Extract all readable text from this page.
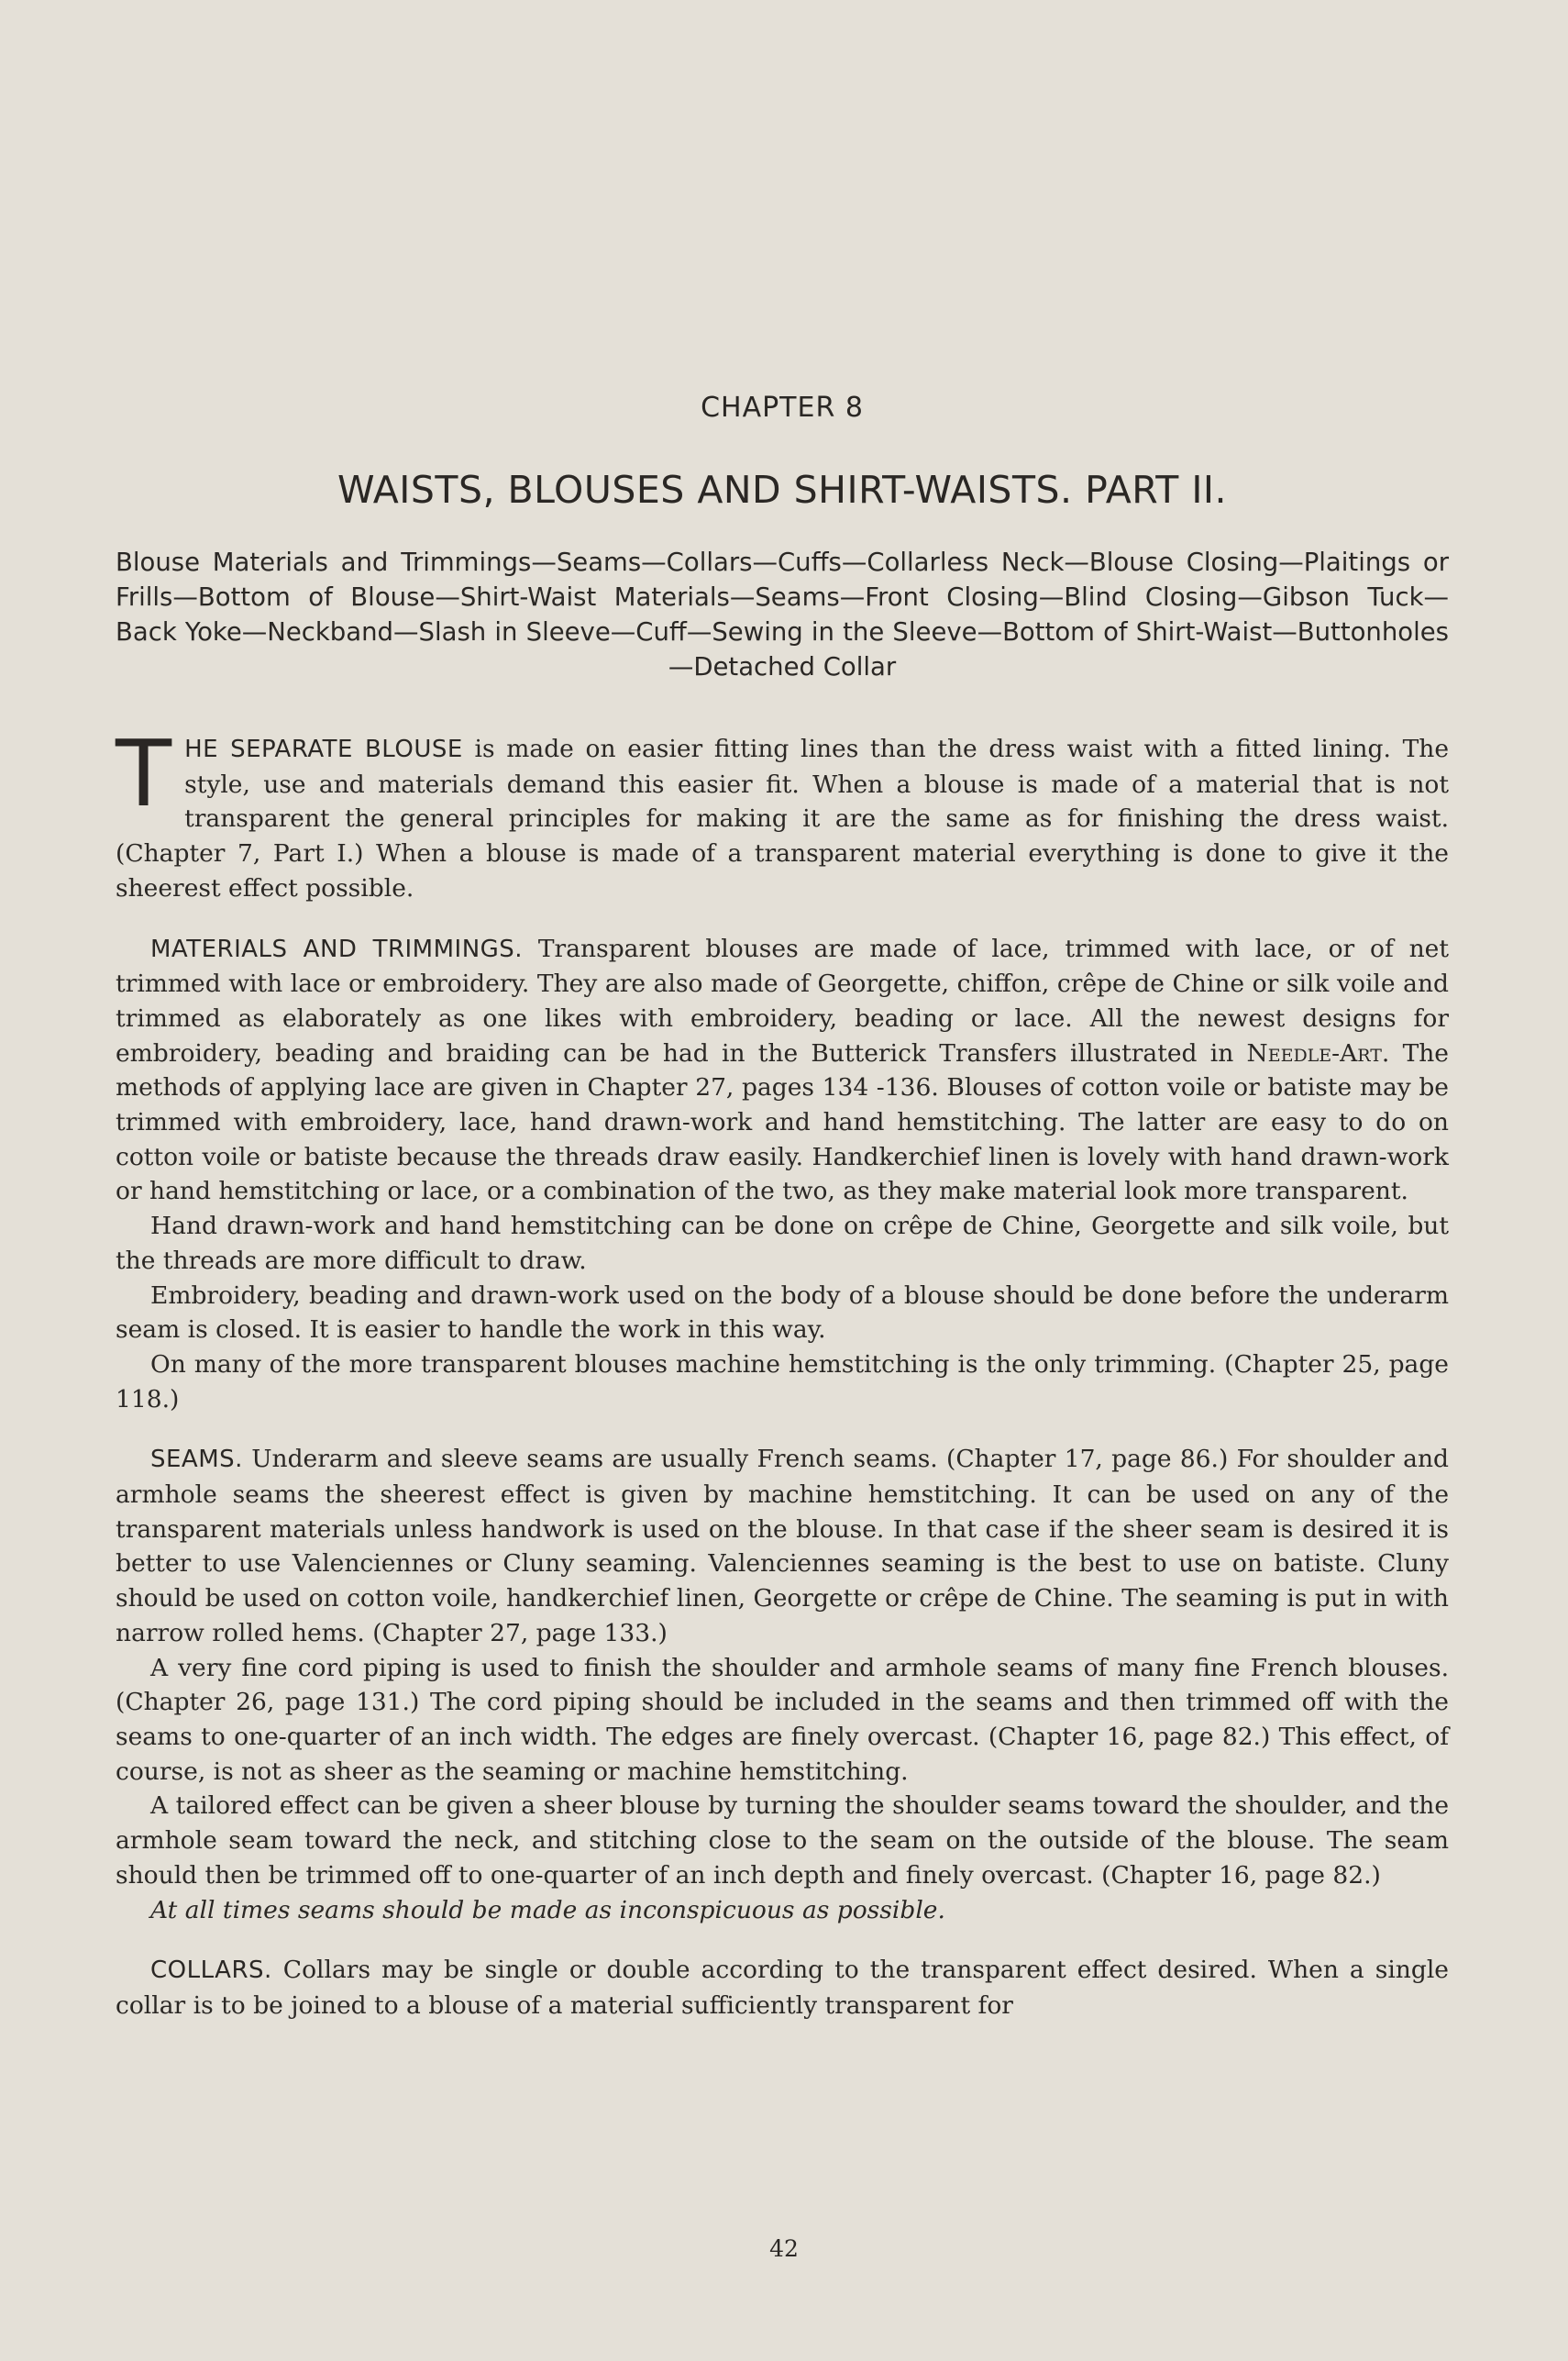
CHAPTER 8

WAISTS, BLOUSES AND SHIRT-WAISTS. PART II.

Blouse Materials and Trimmings—Seams—Collars—Cuffs—Collarless Neck—Blouse Closing—Plaitings or Frills—Bottom of Blouse—Shirt-Waist Materials—Seams—Front Closing—Blind Closing—Gibson Tuck—Back Yoke—Neckband—Slash in Sleeve—Cuff—Sewing in the Sleeve—Bottom of Shirt-Waist—Buttonholes—Detached Collar

THE SEPARATE BLOUSE is made on easier fitting lines than the dress waist with a fitted lining. The style, use and materials demand this easier fit. When a blouse is made of a material that is not transparent the general principles for making it are the same as for finishing the dress waist. (Chapter 7, Part I.) When a blouse is made of a transparent material everything is done to give it the sheerest effect possible.

MATERIALS AND TRIMMINGS. Transparent blouses are made of lace, trimmed with lace, or of net trimmed with lace or embroidery. They are also made of Georgette, chiffon, crêpe de Chine or silk voile and trimmed as elaborately as one likes with embroidery, beading or lace. All the newest designs for embroidery, beading and braiding can be had in the Butterick Transfers illustrated in Needle-Art. The methods of applying lace are given in Chapter 27, pages 134 -136. Blouses of cotton voile or batiste may be trimmed with embroidery, lace, hand drawn-work and hand hemstitching. The latter are easy to do on cotton voile or batiste because the threads draw easily. Handkerchief linen is lovely with hand drawn-work or hand hemstitching or lace, or a combination of the two, as they make material look more transparent.

Hand drawn-work and hand hemstitching can be done on crêpe de Chine, Georgette and silk voile, but the threads are more difficult to draw.

Embroidery, beading and drawn-work used on the body of a blouse should be done before the underarm seam is closed. It is easier to handle the work in this way.

On many of the more transparent blouses machine hemstitching is the only trimming. (Chapter 25, page 118.)

SEAMS. Underarm and sleeve seams are usually French seams. (Chapter 17, page 86.) For shoulder and armhole seams the sheerest effect is given by machine hemstitching. It can be used on any of the transparent materials unless handwork is used on the blouse. In that case if the sheer seam is desired it is better to use Valenciennes or Cluny seaming. Valenciennes seaming is the best to use on batiste. Cluny should be used on cotton voile, handkerchief linen, Georgette or crêpe de Chine. The seaming is put in with narrow rolled hems. (Chapter 27, page 133.)

A very fine cord piping is used to finish the shoulder and armhole seams of many fine French blouses. (Chapter 26, page 131.) The cord piping should be included in the seams and then trimmed off with the seams to one-quarter of an inch width. The edges are finely overcast. (Chapter 16, page 82.) This effect, of course, is not as sheer as the seaming or machine hemstitching.

A tailored effect can be given a sheer blouse by turning the shoulder seams toward the shoulder, and the armhole seam toward the neck, and stitching close to the seam on the outside of the blouse. The seam should then be trimmed off to one-quarter of an inch depth and finely overcast. (Chapter 16, page 82.)

At all times seams should be made as inconspicuous as possible.

COLLARS. Collars may be single or double according to the transparent effect desired. When a single collar is to be joined to a blouse of a material sufficiently transparent for

42
